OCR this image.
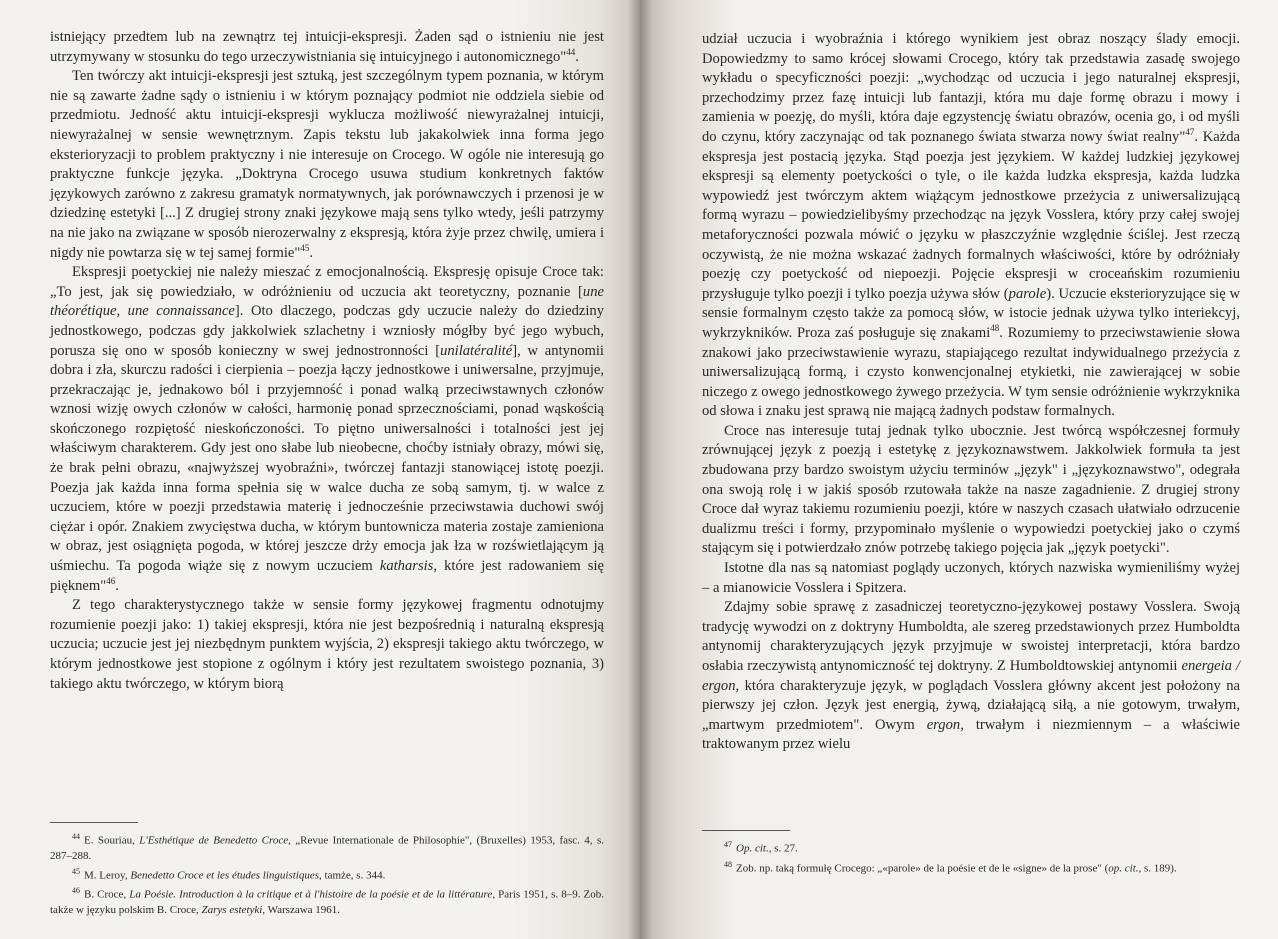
istniejący przedtem lub na zewnątrz tej intuicji-ekspresji. Żaden sąd o istnieniu nie jest utrzymywany w stosunku do tego urzeczywistniania się intuicyjnego i autonomicznego"$^{44}$.

Ten twórczy akt intuicji-ekspresji jest sztuką, jest szczególnym typem poznania, w którym nie są zawarte żadne sądy o istnieniu i w którym poznający podmiot nie oddziela siebie od przedmiotu. Jedność aktu intuicji-ekspresji wyklucza możliwość niewyrażalnej intuicji, niewyrażalnej w sensie wewnętrznym. Zapis tekstu lub jakakolwiek inna forma jego eksterioryzacji to problem praktyczny i nie interesuje on Crocego. W ogóle nie interesują go praktyczne funkcje języka. „Doktryna Crocego usuwa studium konkretnych faktów językowych zarówno z zakresu gramatyk normatywnych, jak porównawczych i przenosi je w dziedzinę estetyki [...] Z drugiej strony znaki językowe mają sens tylko wtedy, jeśli patrzymy na nie jako na związane w sposób nierozerwalny z ekspresją, która żyje przez chwilę, umiera i nigdy nie powtarza się w tej samej formie"$^{45}$.

Ekspresji poetyckiej nie należy mieszać z emocjonalnością. Ekspresję opisuje Croce tak: „To jest, jak się powiedziało, w odróżnieniu od uczucia akt teoretyczny, poznanie [une théorétique, une connaissance]. Oto dlaczego, podczas gdy uczucie należy do dziedziny jednostkowego, podczas gdy jakkolwiek szlachetny i wzniosły mógłby być jego wybuch, porusza się ono w sposób konieczny w swej jednostronności [unilatéralité], w antynomii dobra i zła, skurczu radości i cierpienia – poezja łączy jednostkowe i uniwersalne, przyjmuje, przekraczając je, jednakowo ból i przyjemność i ponad walką przeciwstawnych członów wznosi wizję owych członów w całości, harmonię ponad sprzecznościami, ponad wąskością skończonego rozpiętość nieskończoności. To piętno uniwersalności i totalności jest jej właściwym charakterem. Gdy jest ono słabe lub nieobecne, choćby istniały obrazy, mówi się, że brak pełni obrazu, «najwyższej wyobraźni», twórczej fantazji stanowiącej istotę poezji. Poezja jak każda inna forma spełnia się w walce ducha ze sobą samym, tj. w walce z uczuciem, które w poezji przedstawia materię i jednocześnie przeciwstawia duchowi swój ciężar i opór. Znakiem zwycięstwa ducha, w którym buntownicza materia zostaje zamieniona w obraz, jest osiągnięta pogoda, w której jeszcze drży emocja jak łza w rozświetlającym ją uśmiechu. Ta pogoda wiąże się z nowym uczuciem katharsis, które jest radowaniem się pięknem"$^{46}$.

Z tego charakterystycznego także w sensie formy językowej fragmentu odnotujmy rozumienie poezji jako: 1) takiej ekspresji, która nie jest bezpośrednią i naturalną ekspresją uczucia; uczucie jest jej niezbędnym punktem wyjścia, 2) ekspresji takiego aktu twórczego, w którym jednostkowe jest stopione z ogólnym i który jest rezultatem swoistego poznania, 3) takiego aktu twórczego, w którym biorą

$^{44}$ E. Souriau, L'Esthétique de Benedetto Croce, „Revue Internationale de Philosophie", (Bruxelles) 1953, fasc. 4, s. 287–288.

$^{45}$ M. Leroy, Benedetto Croce et les études linguistiques, tamże, s. 344.

$^{46}$ B. Croce, La Poésie. Introduction à la critique et à l'histoire de la poésie et de la littérature, Paris 1951, s. 8–9. Zob. także w języku polskim B. Croce, Zarys estetyki, Warszawa 1961.

udział uczucia i wyobraźnia i którego wynikiem jest obraz noszący ślady emocji. Dopowiedzmy to samo krócej słowami Crocego, który tak przedstawia zasadę swojego wykładu o specyficzności poezji: „wychodząc od uczucia i jego naturalnej ekspresji, przechodzimy przez fazę intuicji lub fantazji, która mu daje formę obrazu i mowy i zamienia w poezję, do myśli, która daje egzystencję światu obrazów, ocenia go, i od myśli do czynu, który zaczynając od tak poznanego świata stwarza nowy świat realny"$^{47}$. Każda ekspresja jest postacią języka. Stąd poezja jest językiem. W każdej ludzkiej językowej ekspresji są elementy poetyckości o tyle, o ile każda ludzka ekspresja, każda ludzka wypowiedź jest twórczym aktem wiążącym jednostkowe przeżycia z uniwersalizującą formą wyrazu – powiedzielibyśmy przechodząc na język Vosslera, który przy całej swojej metaforyczności pozwala mówić o języku w płaszczyźnie względnie ściślej. Jest rzeczą oczywistą, że nie można wskazać żadnych formalnych właściwości, które by odróżniały poezję czy poetyckość od niepoezji. Pojęcie ekspresji w croceańskim rozumieniu przysługuje tylko poezji i tylko poezja używa słów (parole). Uczucie eksterioryzujące się w sensie formalnym często także za pomocą słów, w istocie jednak używa tylko interiekcyj, wykrzykników. Proza zaś posługuje się znakami$^{48}$. Rozumiemy to przeciwstawienie słowa znakowi jako przeciwstawienie wyrazu, stapiającego rezultat indywidualnego przeżycia z uniwersalizującą formą, i czysto konwencjonalnej etykietki, nie zawierającej w sobie niczego z owego jednostkowego żywego przeżycia. W tym sensie odróżnienie wykrzyknika od słowa i znaku jest sprawą nie mającą żadnych podstaw formalnych.

Croce nas interesuje tutaj jednak tylko ubocznie. Jest twórcą współczesnej formuły zrównującej język z poezją i estetykę z językoznawstwem. Jakkolwiek formuła ta jest zbudowana przy bardzo swoistym użyciu terminów „język" i „językoznawstwo", odegrała ona swoją rolę i w jakiś sposób rzutowała także na nasze zagadnienie. Z drugiej strony Croce dał wyraz takiemu rozumieniu poezji, które w naszych czasach ułatwiało odrzucenie dualizmu treści i formy, przypominało myślenie o wypowiedzi poetyckiej jako o czymś stającym się i potwierdzało znów potrzebę takiego pojęcia jak „język poetycki".

Istotne dla nas są natomiast poglądy uczonych, których nazwiska wymieniliśmy wyżej – a mianowicie Vosslera i Spitzera.

Zdajmy sobie sprawę z zasadniczej teoretyczno-językowej postawy Vosslera. Swoją tradycję wywodzi on z doktryny Humboldta, ale szereg przedstawionych przez Humboldta antynomij charakteryzujących język przyjmuje w swoistej interpretacji, która bardzo osłabia rzeczywistą antynomiczność tej doktryny. Z Humboldtowskiej antynomii energeia / ergon, która charakteryzuje język, w poglądach Vosslera główny akcent jest położony na pierwszy jej człon. Język jest energią, żywą, działającą siłą, a nie gotowym, trwałym, „martwym przedmiotem". Owym ergon, trwałym i niezmiennym – a właściwie traktowanym przez wielu

$^{47}$ Op. cit., s. 27.

$^{48}$ Zob. np. taką formułę Crocego: „«parole» de la poésie et de le «signe» de la prose" (op. cit., s. 189).
